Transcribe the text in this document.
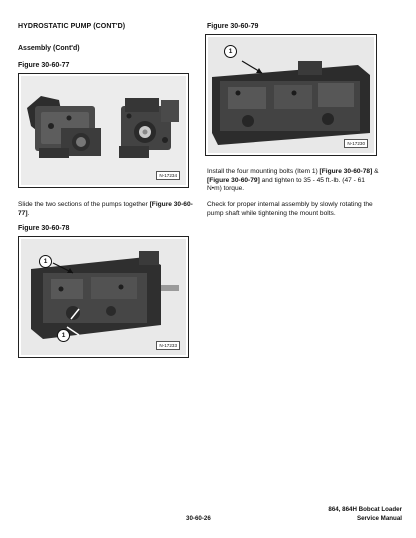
HYDROSTATIC PUMP (CONT'D)
Assembly (Cont'd)
Figure 30-60-77
N-17234
Slide the two sections of the pumps together [Figure 30-60-77].
Figure 30-60-78
1
1
N-17233
Figure 30-60-79
1
N-17230
Install the four mounting bolts (Item 1) [Figure 30-60-78] & [Figure 30-60-79] and tighten to 35 - 45 ft.-lb. (47 - 61 N•m) torque.
Check for proper internal assembly by slowly rotating the pump shaft while tightening the mount bolts.
30-60-26
864, 864H Bobcat Loader
Service Manual
